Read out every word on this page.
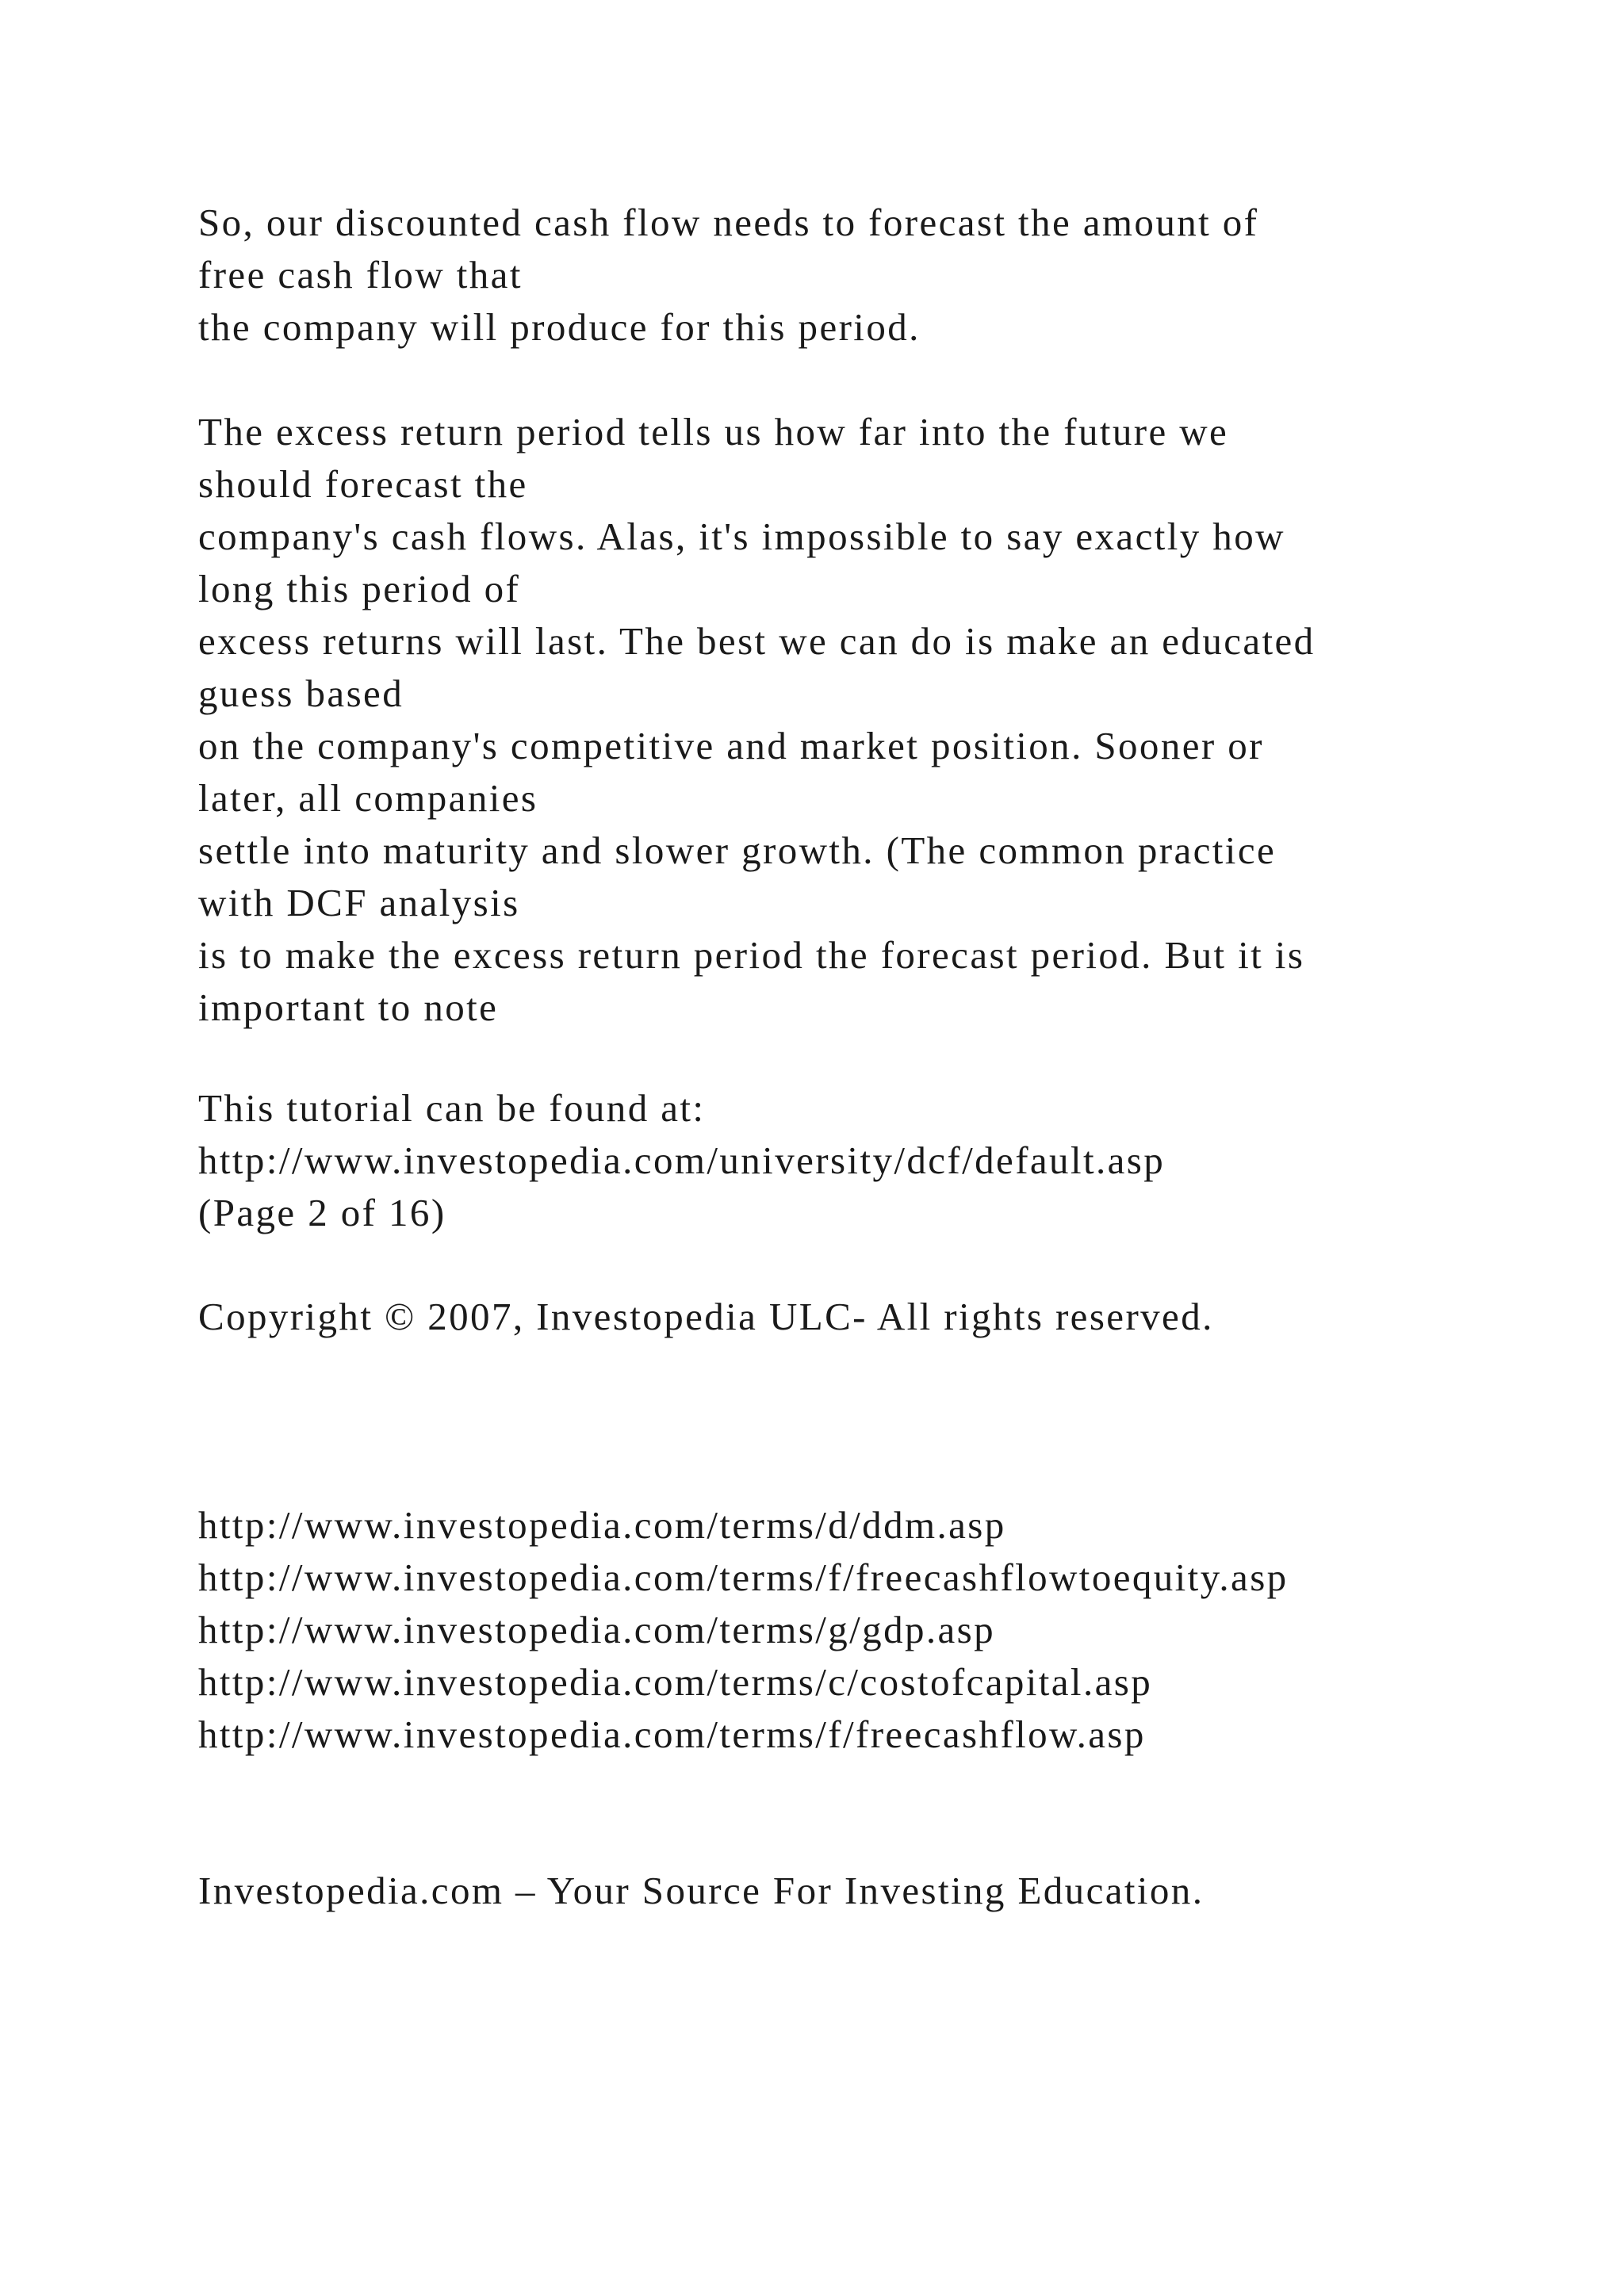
So, our discounted cash flow needs to forecast the amount of
free cash flow that
the company will produce for this period.
The excess return period tells us how far into the future we
should forecast the
company's cash flows. Alas, it's impossible to say exactly how
long this period of
excess returns will last. The best we can do is make an educated
guess based
on the company's competitive and market position. Sooner or
later, all companies
settle into maturity and slower growth. (The common practice
with DCF analysis
is to make the excess return period the forecast period. But it is
important to note
This tutorial can be found at:
http://www.investopedia.com/university/dcf/default.asp
(Page 2 of 16)
Copyright © 2007, Investopedia ULC- All rights reserved.
http://www.investopedia.com/terms/d/ddm.asp
http://www.investopedia.com/terms/f/freecashflowtoequity.asp
http://www.investopedia.com/terms/g/gdp.asp
http://www.investopedia.com/terms/c/costofcapital.asp
http://www.investopedia.com/terms/f/freecashflow.asp
Investopedia.com – Your Source For Investing Education.
